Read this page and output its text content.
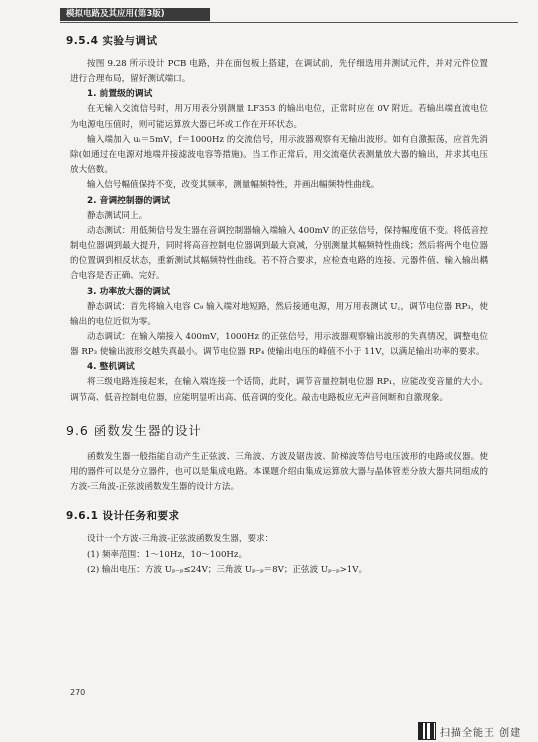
模拟电路及其应用(第3版)
9.5.4 实验与调试

按图 9.28 所示设计 PCB 电路，并在面包板上搭建，在调试前，先仔细选用并测试元件，并对元件位置进行合理布局，留好测试端口。

1. 前置级的调试

在无输入交流信号时，用万用表分别测量 LF353 的输出电位，正常时应在 0V 附近。若输出端直流电位为电源电压值时，则可能运算放大器已坏或工作在开环状态。

输入端加入 uᵢ＝5mV，f＝1000Hz 的交流信号，用示波器观察有无输出波形。如有自激振荡，应首先消除(如通过在电源对地端并接滤波电容等措施)。当工作正常后，用交流毫伏表测量放大器的输出，并求其电压放大倍数。

输入信号幅值保持不变，改变其频率，测量幅频特性，并画出幅频特性曲线。

2. 音调控制器的调试

静态测试同上。

动态测试：用低频信号发生器在音调控制器输入端输入 400mV 的正弦信号，保持幅度值不变。将低音控制电位器调到最大提升，同时将高音控制电位器调到最大衰减，分别测量其幅频特性曲线；然后将两个电位器的位置调到相反状态，重新测试其幅频特性曲线。若不符合要求，应检查电路的连接、元器件值、输入输出耦合电容是否正确、完好。

3. 功率放大器的调试

静态调试：首先将输入电容 C₉ 输入端对地短路，然后接通电源，用万用表测试 U꜀，调节电位器 RP₃，使输出的电位近似为零。

动态调试：在输入端接入 400mV，1000Hz 的正弦信号，用示波器观察输出波形的失真情况，调整电位器 RP₃ 使输出波形交越失真最小。调节电位器 RP₄ 使输出电压的峰值不小于 11V，以满足输出功率的要求。

4. 整机调试

将三级电路连接起来，在输入端连接一个话筒，此时，调节音量控制电位器 RP₁，应能改变音量的大小。调节高、低音控制电位器，应能明显听出高、低音调的变化。敲击电路板应无声音间断和自激现象。

9.6 函数发生器的设计

函数发生器一般指能自动产生正弦波、三角波、方波及锯齿波、阶梯波等信号电压波形的电路或仪器。使用的器件可以是分立器件，也可以是集成电路。本课题介绍由集成运算放大器与晶体管差分放大器共同组成的方波-三角波-正弦波函数发生器的设计方法。

9.6.1 设计任务和要求

设计一个方波-三角波-正弦波函数发生器，要求：

(1) 频率范围：1～10Hz，10～100Hz。

(2) 输出电压：方波 Uₚ₋ₚ≤24V；三角波 Uₚ₋ₚ＝8V；正弦波 Uₚ₋ₚ>1V。

270
扫描全能王 创建
